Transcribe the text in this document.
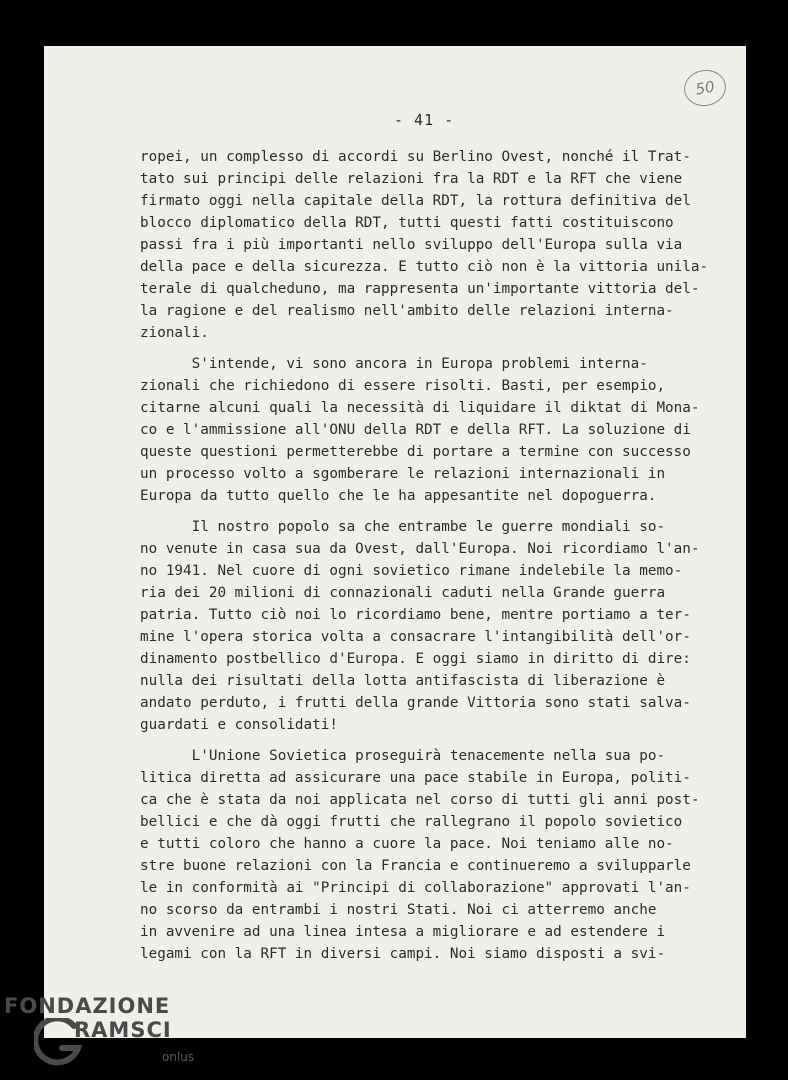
50
- 41 -
ropei, un complesso di accordi su Berlino Ovest, nonché il Trat-
tato sui principi delle relazioni fra la RDT e la RFT che viene
firmato oggi nella capitale della RDT, la rottura definitiva del
blocco diplomatico della RDT, tutti questi fatti costituiscono
passi fra i più importanti nello sviluppo dell'Europa sulla via
della pace e della sicurezza. E tutto ciò non è la vittoria unila-
terale di qualcheduno, ma rappresenta un'importante vittoria del-
la ragione e del realismo nell'ambito delle relazioni interna-
zionali.
S'intende, vi sono ancora in Europa problemi interna-
zionali che richiedono di essere risolti. Basti, per esempio,
citarne alcuni quali la necessità di liquidare il diktat di Mona-
co e l'ammissione all'ONU della RDT e della RFT. La soluzione di
queste questioni permetterebbe di portare a termine con successo
un processo volto a sgomberare le relazioni internazionali in
Europa da tutto quello che le ha appesantite nel dopoguerra.
Il nostro popolo sa che entrambe le guerre mondiali so-
no venute in casa sua da Ovest, dall'Europa. Noi ricordiamo l'an-
no 1941. Nel cuore di ogni sovietico rimane indelebile la memo-
ria dei 20 milioni di connazionali caduti nella Grande guerra
patria. Tutto ciò noi lo ricordiamo bene, mentre portiamo a ter-
mine l'opera storica volta a consacrare l'intangibilità dell'or-
dinamento postbellico d'Europa. E oggi siamo in diritto di dire:
nulla dei risultati della lotta antifascista di liberazione è
andato perduto, i frutti della grande Vittoria sono stati salva-
guardati e consolidati!
L'Unione Sovietica proseguirà tenacemente nella sua po-
litica diretta ad assicurare una pace stabile in Europa, politi-
ca che è stata da noi applicata nel corso di tutti gli anni post-
bellici e che dà oggi frutti che rallegrano il popolo sovietico
e tutti coloro che hanno a cuore la pace. Noi teniamo alle no-
stre buone relazioni con la Francia e continueremo a svilupparle
le in conformità ai "Principi di collaborazione" approvati l'an-
no scorso da entrambi i nostri Stati. Noi ci atterremo anche
in avvenire ad una linea intesa a migliorare e ad estendere i
legami con la RFT in diversi campi. Noi siamo disposti a svi-
FONDAZIONE
RAMSCI
onlus
